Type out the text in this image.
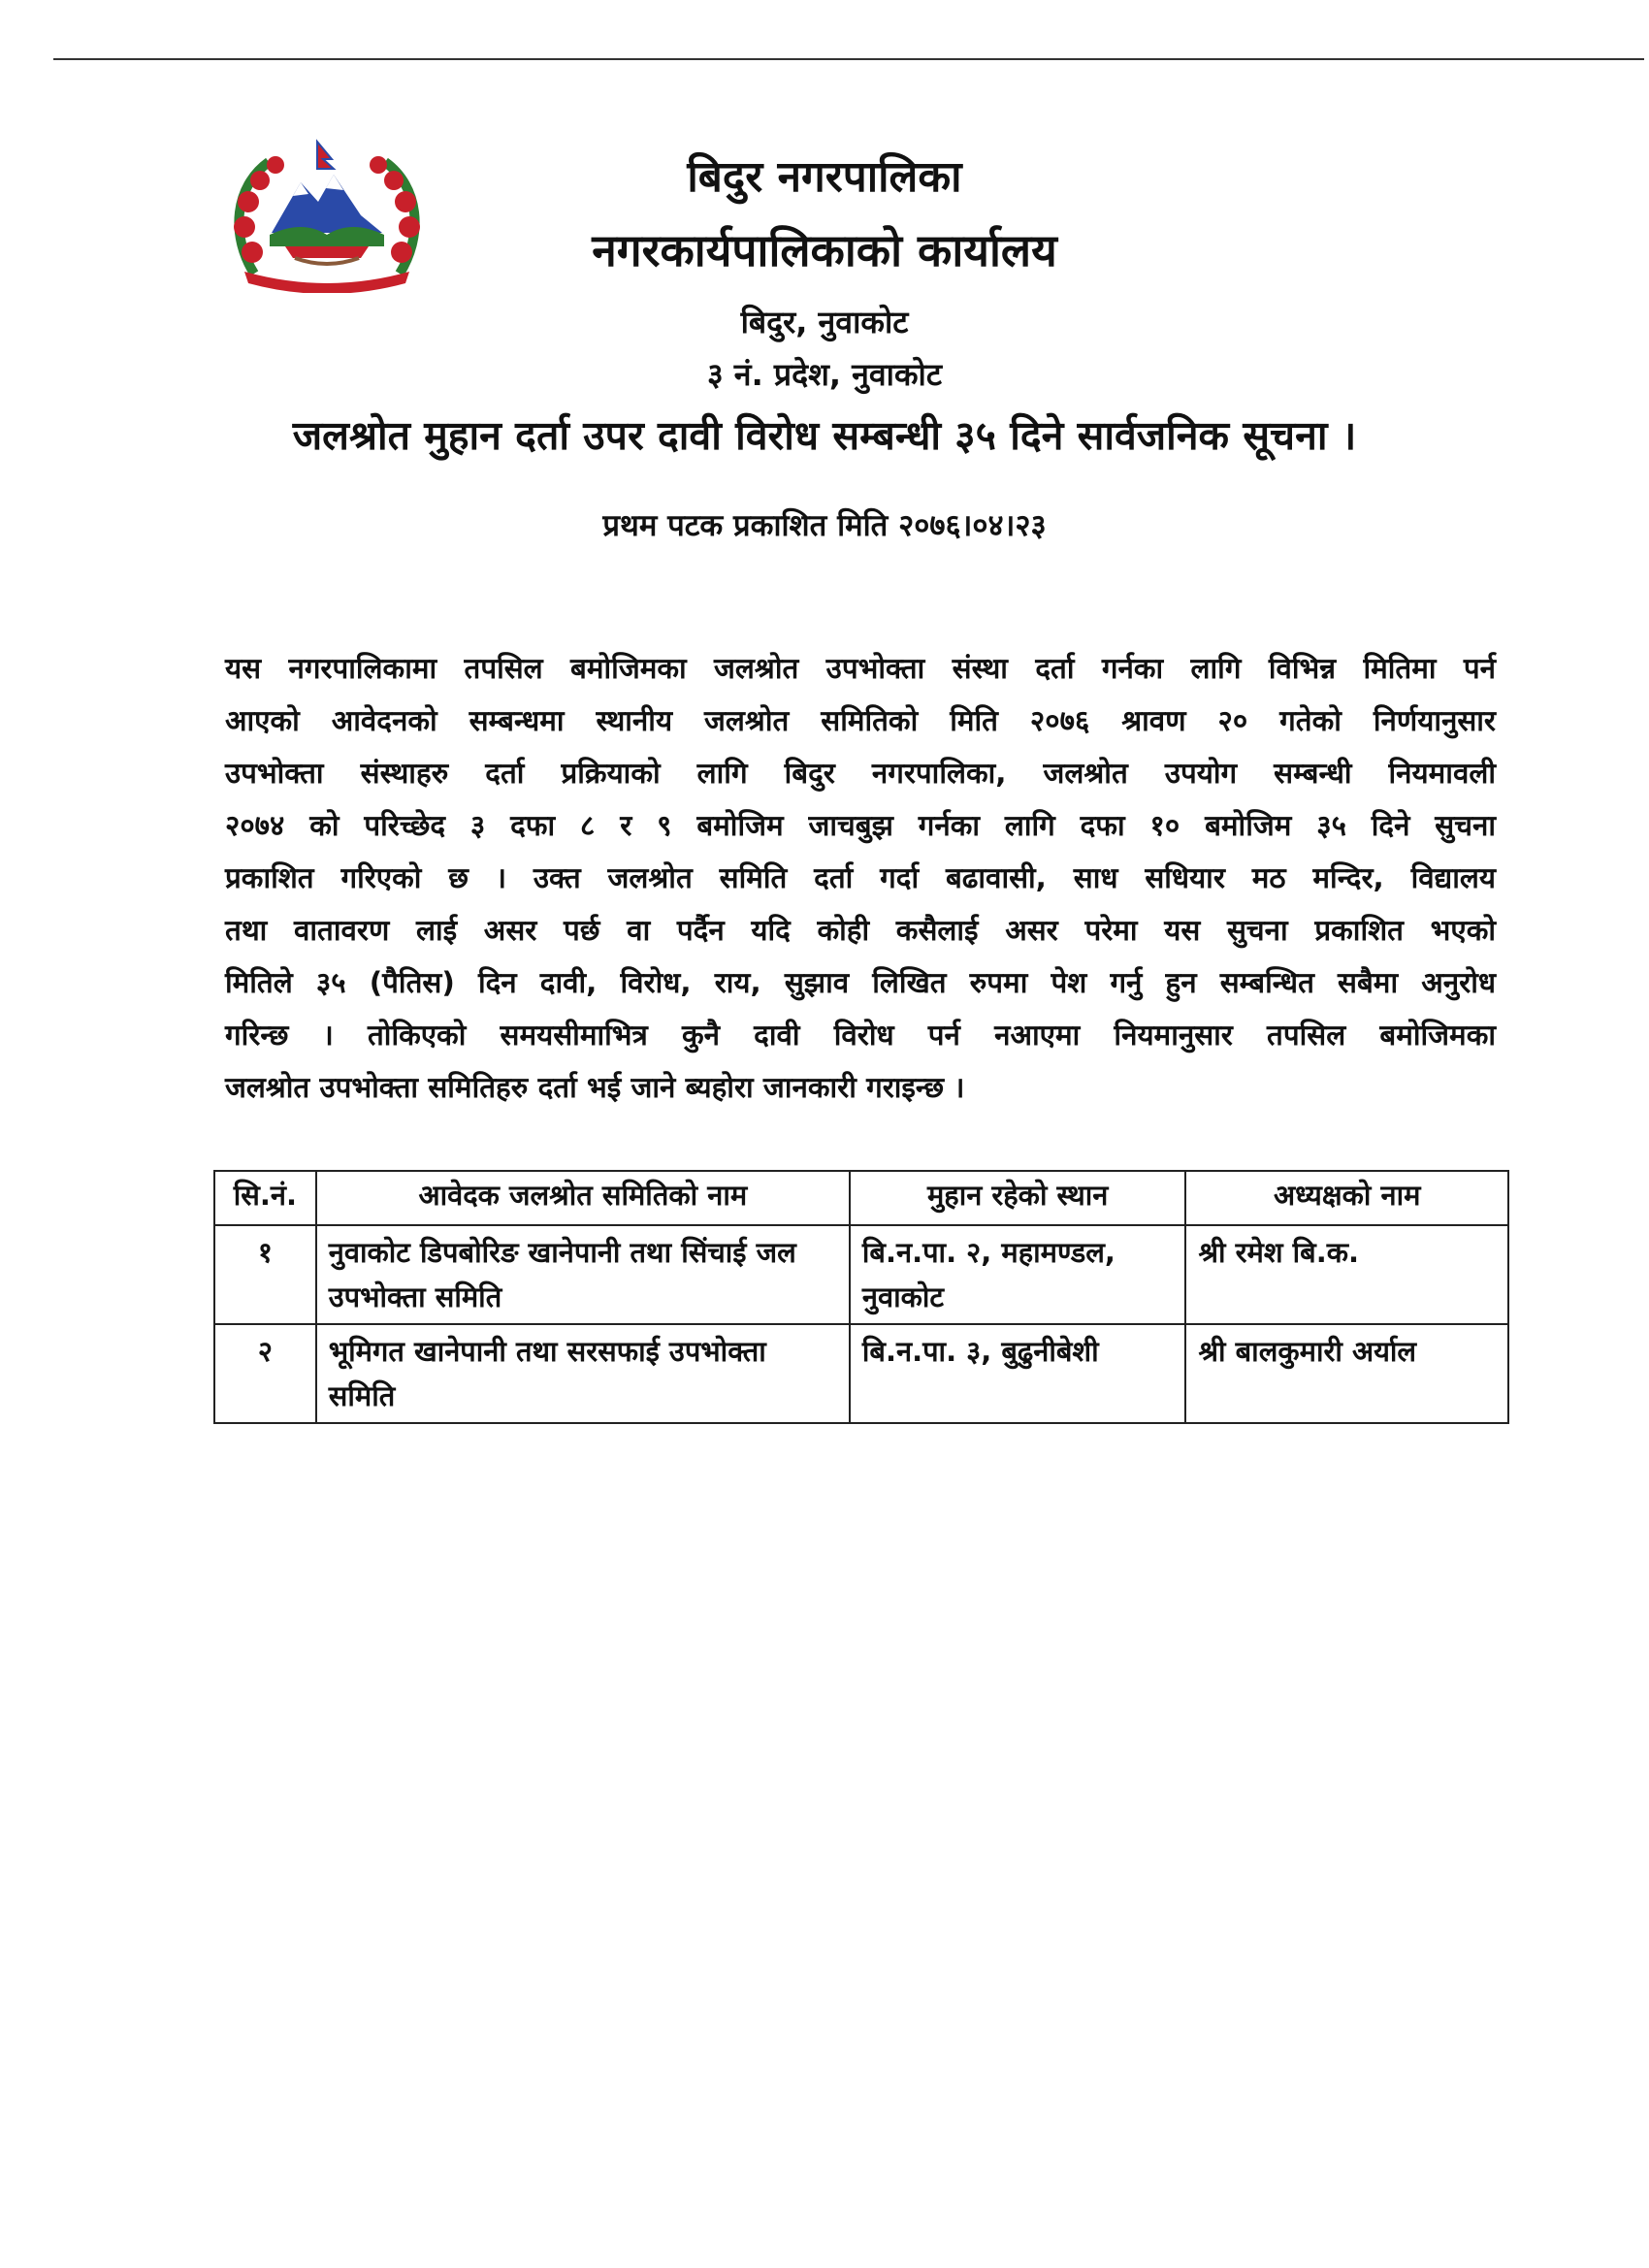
बिदुर नगरपालिका
नगरकार्यपालिकाको कार्यालय
बिदुर, नुवाकोट
३ नं. प्रदेश, नुवाकोट
जलश्रोत मुहान दर्ता उपर दावी विरोध सम्बन्धी ३५ दिने सार्वजनिक सूचना ।
प्रथम पटक प्रकाशित मिति २०७६।०४।२३
यस नगरपालिकामा तपसिल बमोजिमका जलश्रोत उपभोक्ता संस्था दर्ता गर्नका लागि विभिन्न मितिमा पर्न
आएको आवेदनको सम्बन्धमा स्थानीय जलश्रोत समितिको मिति २०७६ श्रावण २० गतेको निर्णयानुसार
उपभोक्ता संस्थाहरु दर्ता प्रक्रियाको लागि बिदुर नगरपालिका, जलश्रोत उपयोग सम्बन्धी नियमावली
२०७४ को परिच्छेद ३ दफा ८ र ९ बमोजिम जाचबुझ गर्नका लागि दफा १० बमोजिम ३५ दिने सुचना
प्रकाशित गरिएको छ । उक्त जलश्रोत समिति दर्ता गर्दा बढावासी, साध सधियार मठ मन्दिर, विद्यालय
तथा वातावरण लाई असर पर्छ वा पर्दैन यदि कोही कसैलाई असर परेमा यस सुचना प्रकाशित भएको
मितिले ३५ (पैतिस) दिन दावी, विरोध, राय, सुझाव लिखित रुपमा पेश गर्नु हुन सम्बन्धित सबैमा अनुरोध
गरिन्छ । तोकिएको समयसीमाभित्र कुनै दावी विरोध पर्न नआएमा नियमानुसार तपसिल बमोजिमका
जलश्रोत उपभोक्ता समितिहरु दर्ता भई जाने ब्यहोरा जानकारी गराइन्छ ।
सि.नं.	आवेदक जलश्रोत समितिको नाम	मुहान रहेको स्थान	अध्यक्षको नाम
१	नुवाकोट डिपबोरिङ खानेपानी तथा सिंचाई जल उपभोक्ता समिति	बि.न.पा. २, महामण्डल, नुवाकोट	श्री रमेश बि.क.
२	भूमिगत खानेपानी तथा सरसफाई उपभोक्ता समिति	बि.न.पा. ३, बुढुनीबेशी	श्री बालकुमारी अर्याल
